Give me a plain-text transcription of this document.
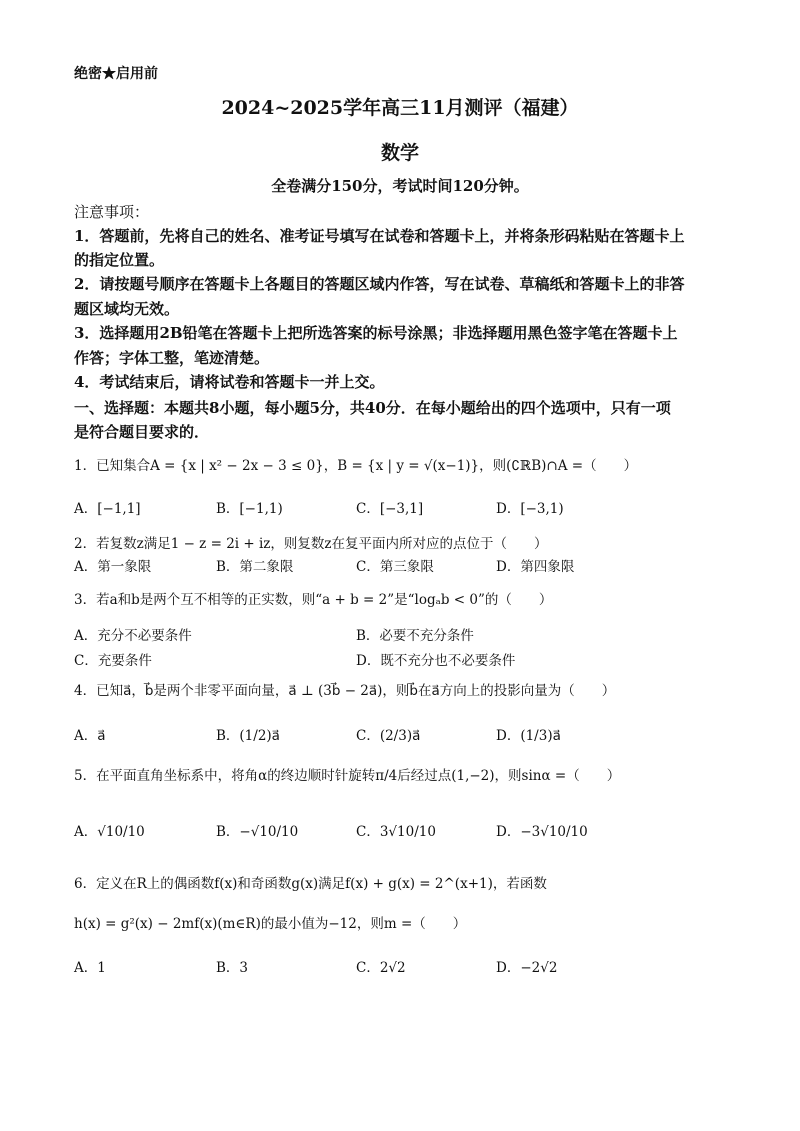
绝密★启用前
2024~2025学年高三11月测评（福建）
数学
全卷满分150分，考试时间120分钟。
注意事项：
1．答题前，先将自己的姓名、准考证号填写在试卷和答题卡上，并将条形码粘贴在答题卡上
的指定位置。
2．请按题号顺序在答题卡上各题目的答题区域内作答，写在试卷、草稿纸和答题卡上的非答
题区域均无效。
3．选择题用2B铅笔在答题卡上把所选答案的标号涂黑；非选择题用黑色签字笔在答题卡上
作答；字体工整，笔迹清楚。
4．考试结束后，请将试卷和答题卡一并上交。
一、选择题：本题共8小题，每小题5分，共40分．在每小题给出的四个选项中，只有一项
是符合题目要求的．
1．已知集合A = {x | x² − 2x − 3 ≤ 0}，B = {x | y = √(x−1)}，则(∁ℝB)∩A =（　　）
A．[−1,1]	B．[−1,1)	C．[−3,1]	D．[−3,1)
2．若复数z满足1 − z = 2i + iz，则复数z在复平面内所对应的点位于（　　）
A．第一象限	B．第二象限	C．第三象限	D．第四象限
3．若a和b是两个互不相等的正实数，则“a + b = 2”是“logₐb < 0”的（　　）
A．充分不必要条件	B．必要不充分条件
C．充要条件	D．既不充分也不必要条件
4．已知a⃗，b⃗是两个非零平面向量，a⃗ ⊥ (3b⃗ − 2a⃗)，则b⃗在a⃗方向上的投影向量为（　　）
A．a⃗	B．(1/2)a⃗	C．(2/3)a⃗	D．(1/3)a⃗
5．在平面直角坐标系中，将角α的终边顺时针旋转π/4后经过点(1,−2)，则sinα =（　　）
A．√10/10	B．−√10/10	C．3√10/10	D．−3√10/10
6．定义在R上的偶函数f(x)和奇函数g(x)满足f(x) + g(x) = 2^(x+1)，若函数
h(x) = g²(x) − 2mf(x)(m∈R)的最小值为−12，则m =（　　）
A．1	B．3	C．2√2	D．−2√2
